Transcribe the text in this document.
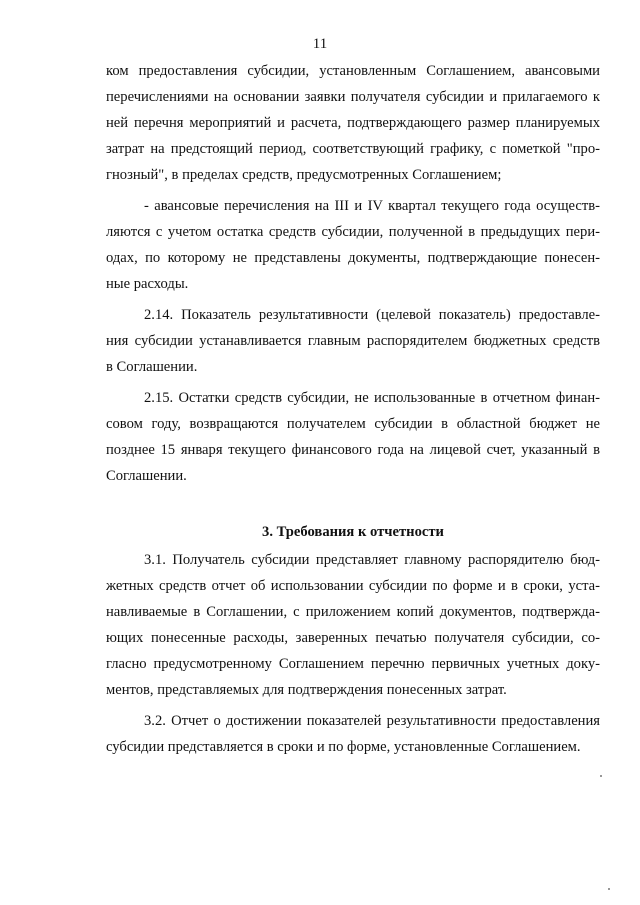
11

ком предоставления субсидии, установленным Соглашением, авансовыми
перечислениями на основании заявки получателя субсидии и прилагаемого к
ней перечня мероприятий и расчета, подтверждающего размер планируемых
затрат на предстоящий период, соответствующий графику, с пометкой "про-
гнозный", в пределах средств, предусмотренных Соглашением;

- авансовые перечисления на III и IV квартал текущего года осуществ-
ляются с учетом остатка средств субсидии, полученной в предыдущих пери-
одах, по которому не представлены документы, подтверждающие понесен-
ные расходы.

2.14. Показатель результативности (целевой показатель) предоставле-
ния субсидии устанавливается главным распорядителем бюджетных средств
в Соглашении.

2.15. Остатки средств субсидии, не использованные в отчетном финан-
совом году, возвращаются получателем субсидии в областной бюджет не
позднее 15 января текущего финансового года на лицевой счет, указанный в
Соглашении.

3. Требования к отчетности

3.1. Получатель субсидии представляет главному распорядителю бюд-
жетных средств отчет об использовании субсидии по форме и в сроки, уста-
навливаемые в Соглашении, с приложением копий документов, подтвержда-
ющих понесенные расходы, заверенных печатью получателя субсидии, со-
гласно предусмотренному Соглашением перечню первичных учетных доку-
ментов, представляемых для подтверждения понесенных затрат.

3.2. Отчет о достижении показателей результативности предоставления
субсидии представляется в сроки и по форме, установленные Соглашением.
